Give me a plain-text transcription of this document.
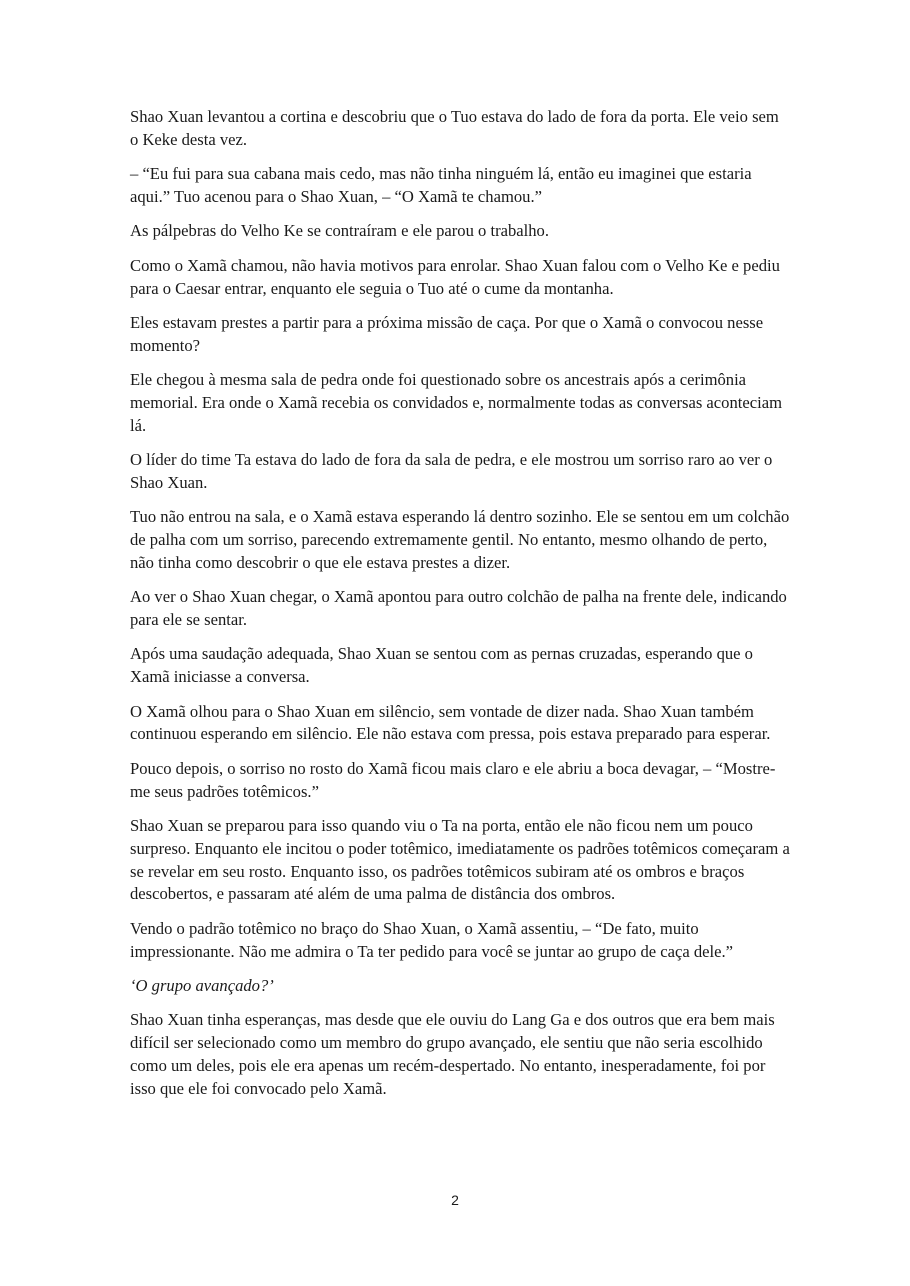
Shao Xuan levantou a cortina e descobriu que o Tuo estava do lado de fora da porta. Ele veio sem o Keke desta vez.

– “Eu fui para sua cabana mais cedo, mas não tinha ninguém lá, então eu imaginei que estaria aqui.” Tuo acenou para o Shao Xuan, – “O Xamã te chamou.”

As pálpebras do Velho Ke se contraíram e ele parou o trabalho.

Como o Xamã chamou, não havia motivos para enrolar. Shao Xuan falou com o Velho Ke e pediu para o Caesar entrar, enquanto ele seguia o Tuo até o cume da montanha.

Eles estavam prestes a partir para a próxima missão de caça. Por que o Xamã o convocou nesse momento?

Ele chegou à mesma sala de pedra onde foi questionado sobre os ancestrais após a cerimônia memorial. Era onde o Xamã recebia os convidados e, normalmente todas as conversas aconteciam lá.

O líder do time Ta estava do lado de fora da sala de pedra, e ele mostrou um sorriso raro ao ver o Shao Xuan.

Tuo não entrou na sala, e o Xamã estava esperando lá dentro sozinho. Ele se sentou em um colchão de palha com um sorriso, parecendo extremamente gentil. No entanto, mesmo olhando de perto, não tinha como descobrir o que ele estava prestes a dizer.

Ao ver o Shao Xuan chegar, o Xamã apontou para outro colchão de palha na frente dele, indicando para ele se sentar.

Após uma saudação adequada, Shao Xuan se sentou com as pernas cruzadas, esperando que o Xamã iniciasse a conversa.

O Xamã olhou para o Shao Xuan em silêncio, sem vontade de dizer nada. Shao Xuan também continuou esperando em silêncio. Ele não estava com pressa, pois estava preparado para esperar.

Pouco depois, o sorriso no rosto do Xamã ficou mais claro e ele abriu a boca devagar, – “Mostre-me seus padrões totêmicos.”

Shao Xuan se preparou para isso quando viu o Ta na porta, então ele não ficou nem um pouco surpreso. Enquanto ele incitou o poder totêmico, imediatamente os padrões totêmicos começaram a se revelar em seu rosto. Enquanto isso, os padrões totêmicos subiram até os ombros e braços descobertos, e passaram até além de uma palma de distância dos ombros.

Vendo o padrão totêmico no braço do Shao Xuan, o Xamã assentiu, – “De fato, muito impressionante. Não me admira o Ta ter pedido para você se juntar ao grupo de caça dele.”

‘O grupo avançado?’

Shao Xuan tinha esperanças, mas desde que ele ouviu do Lang Ga e dos outros que era bem mais difícil ser selecionado como um membro do grupo avançado, ele sentiu que não seria escolhido como um deles, pois ele era apenas um recém-despertado. No entanto, inesperadamente, foi por isso que ele foi convocado pelo Xamã.

2
